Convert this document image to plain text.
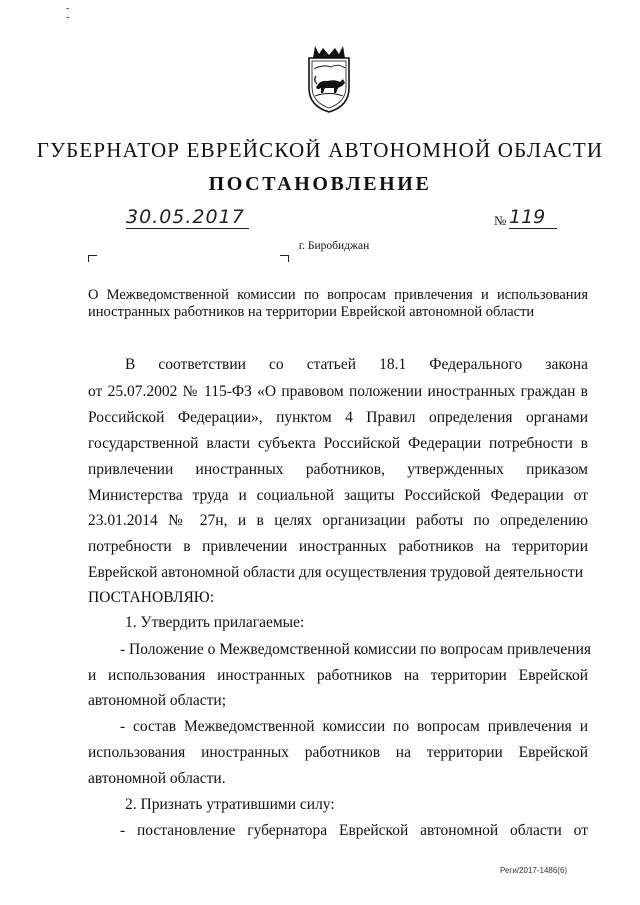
-
-
ГУБЕРНАТОР ЕВРЕЙСКОЙ АВТОНОМНОЙ ОБЛАСТИ
ПОСТАНОВЛЕНИЕ
30.05.2017	№ 119
г. Биробиджан
О Межведомственной комиссии по вопросам привлечения и использования
иностранных работников на территории Еврейской автономной области
В соответствии со статьей 18.1 Федерального закона
от 25.07.2002 № 115-ФЗ «О правовом положении иностранных граждан в
Российской Федерации», пунктом 4 Правил определения органами
государственной власти субъекта Российской Федерации потребности в
привлечении иностранных работников, утвержденных приказом
Министерства труда и социальной защиты Российской Федерации от
23.01.2014 № 27н, и в целях организации работы по определению
потребности в привлечении иностранных работников на территории
Еврейской автономной области для осуществления трудовой деятельности
ПОСТАНОВЛЯЮ:
1. Утвердить прилагаемые:
- Положение о Межведомственной комиссии по вопросам привлечения
и использования иностранных работников на территории Еврейской
автономной области;
- состав Межведомственной комиссии по вопросам привлечения и
использования иностранных работников на территории Еврейской
автономной области.
2. Признать утратившими силу:
- постановление губернатора Еврейской автономной области от
Реги/2017-1486(6)
